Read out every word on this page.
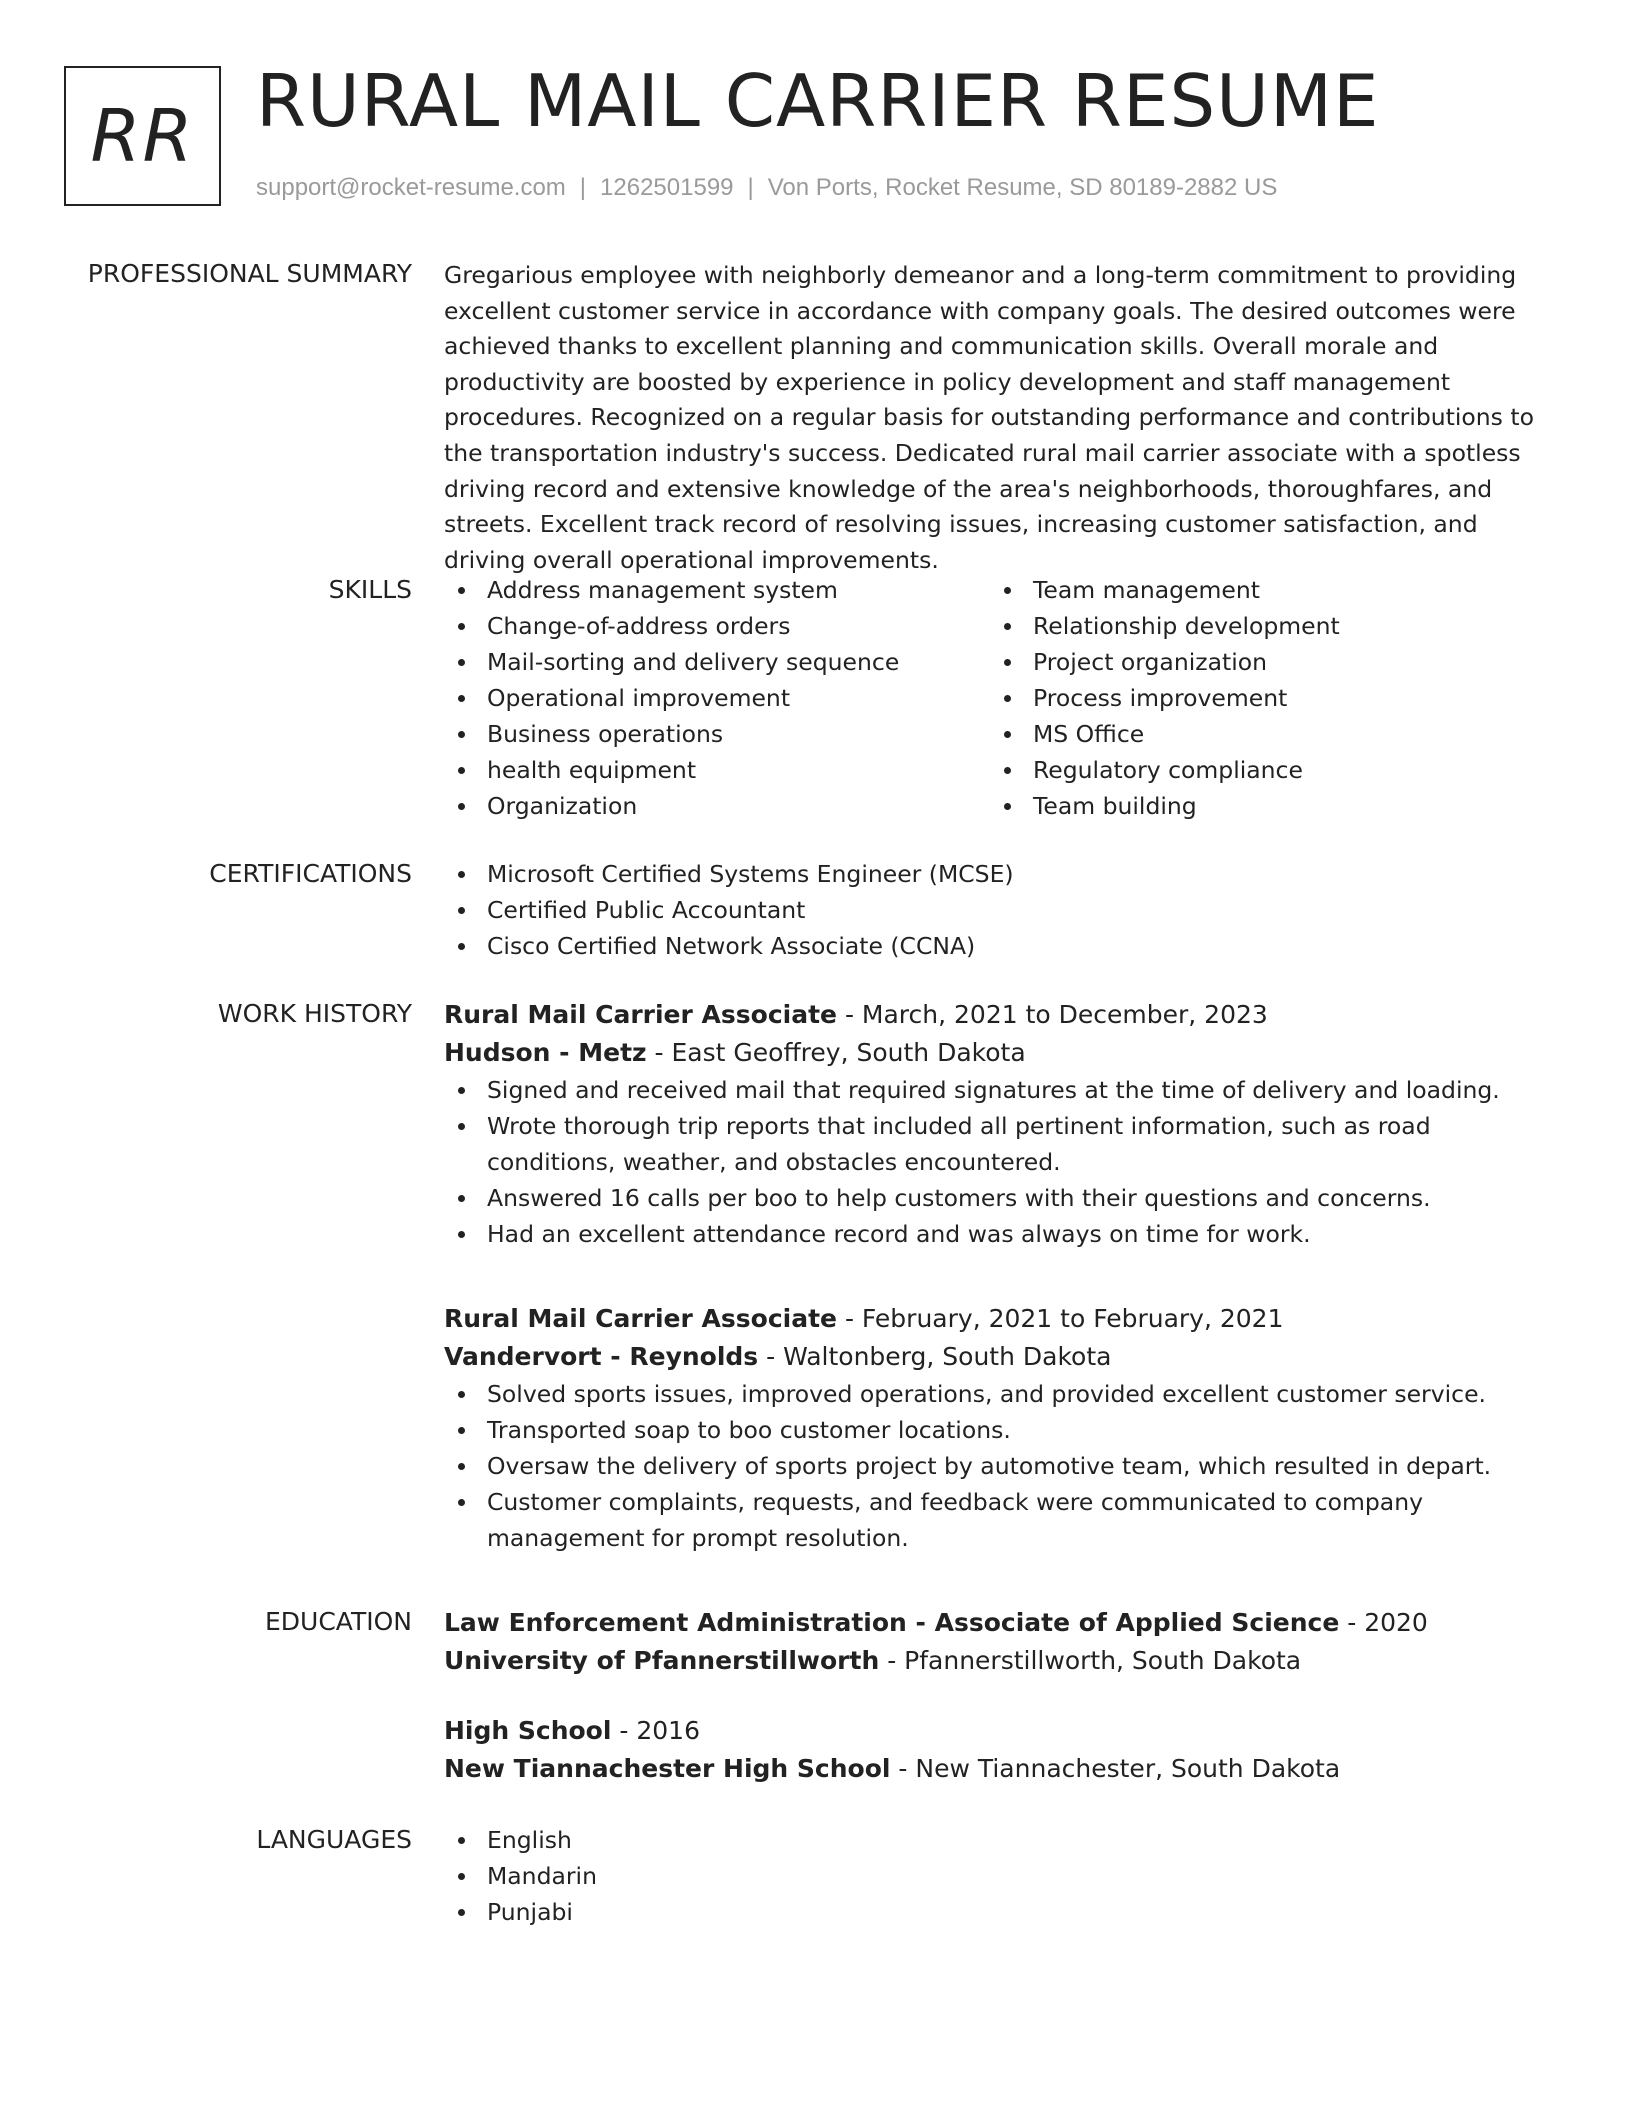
RR RURAL MAIL CARRIER RESUME
support@rocket-resume.com | 1262501599 | Von Ports, Rocket Resume, SD 80189-2882 US
PROFESSIONAL SUMMARY Gregarious employee with neighborly demeanor and a long-term commitment to providing excellent customer service in accordance with company goals. The desired outcomes were achieved thanks to excellent planning and communication skills. Overall morale and productivity are boosted by experience in policy development and staff management procedures. Recognized on a regular basis for outstanding performance and contributions to the transportation industry's success. Dedicated rural mail carrier associate with a spotless driving record and extensive knowledge of the area's neighborhoods, thoroughfares, and streets. Excellent track record of resolving issues, increasing customer satisfaction, and driving overall operational improvements.

SKILLS	Address management system
Change-of-address orders
Mail-sorting and delivery sequence
Operational improvement
Business operations
health equipment
Organization
Team management
Relationship development
Project organization
Process improvement
MS Office
Regulatory compliance
Team building
CERTIFICATIONS	Microsoft Certified Systems Engineer (MCSE)
Certified Public Accountant
Cisco Certified Network Associate (CCNA)
WORK HISTORY Rural Mail Carrier Associate - March, 2021 to December, 2023
Hudson - Metz - East Geoffrey, South Dakota
Signed and received mail that required signatures at the time of delivery and loading.
Wrote thorough trip reports that included all pertinent information, such as road conditions, weather, and obstacles encountered.
Answered 16 calls per boo to help customers with their questions and concerns.
Had an excellent attendance record and was always on time for work.
Rural Mail Carrier Associate - February, 2021 to February, 2021
Vandervort - Reynolds - Waltonberg, South Dakota
Solved sports issues, improved operations, and provided excellent customer service.
Transported soap to boo customer locations.
Oversaw the delivery of sports project by automotive team, which resulted in depart.
Customer complaints, requests, and feedback were communicated to company management for prompt resolution.
EDUCATION Law Enforcement Administration - Associate of Applied Science - 2020
University of Pfannerstillworth - Pfannerstillworth, South Dakota
High School - 2016
New Tiannachester High School - New Tiannachester, South Dakota
LANGUAGES	English
Mandarin
Punjabi
